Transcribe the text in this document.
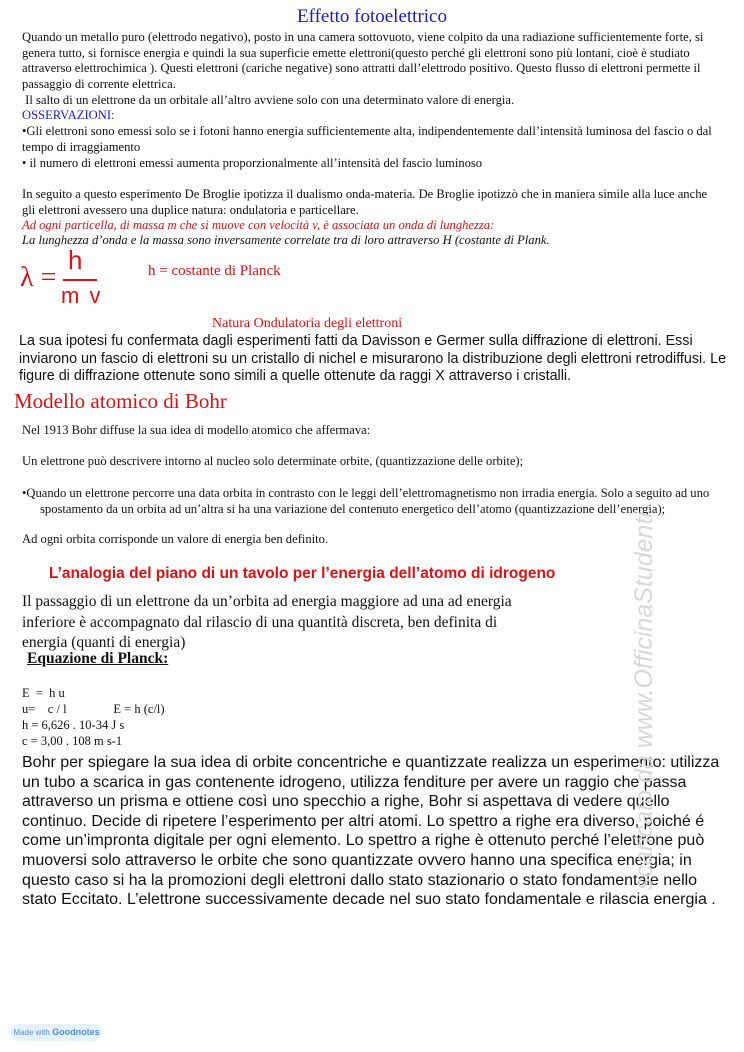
Effetto fotoelettrico
Quando un metallo puro (elettrodo negativo), posto in una camera sottovuoto, viene colpito da una radiazione sufficientemente forte, si genera tutto, si fornisce energia e quindi la sua superficie emette elettroni(questo perché gli elettroni sono più lontani, cioè è studiato attraverso elettrochimica ). Questi elettroni (cariche negative) sono attratti dall’elettrodo positivo. Questo flusso di elettroni permette il passaggio di corrente elettrica.
Il salto di un elettrone da un orbitale all’altro avviene solo con una determinato valore di energia.
OSSERVAZIONI:
•Gli elettroni sono emessi solo se i fotoni hanno energia sufficientemente alta, indipendentemente dall’intensità luminosa del fascio o dal tempo di irraggiamento
• il numero di elettroni emessi aumenta proporzionalmente all’intensità del fascio luminoso
In seguito a questo esperimento De Broglie ipotizza il dualismo onda-materia. De Broglie ipotizzò che in maniera simile alla luce anche gli elettroni avessero una duplice natura: ondulatoria e particellare.
Ad ogni particella, di massa m che si muove con velocità v, è associata un onda di lunghezza:
La lunghezza d’onda e la massa sono inversamente correlate tra di loro attraverso H (costante di Plank.
λ =
h
m v
h = costante di Planck
Natura Ondulatoria degli elettroni
La sua ipotesi fu confermata dagli esperimenti fatti da Davisson e Germer sulla diffrazione di elettroni. Essi inviarono un fascio di elettroni su un cristallo di nichel e misurarono la distribuzione degli elettroni retrodiffusi. Le figure di diffrazione ottenute sono simili a quelle ottenute da raggi X attraverso i cristalli.
Modello atomico di Bohr
Nel 1913 Bohr diffuse la sua idea di modello atomico che affermava:
Un elettrone può descrivere intorno al nucleo solo determinate orbite, (quantizzazione delle orbite);
•Quando un elettrone percorre una data orbita in contrasto con le leggi dell’elettromagnetismo non irradia energia. Solo a seguito ad uno spostamento da un orbita ad un’altra si ha una variazione del contenuto energetico dell’atomo (quantizzazione dell’energia);
Ad ogni orbita corrisponde un valore di energia ben definito.
L’analogia del piano di un tavolo per l’energia dell’atomo di idrogeno
Il passaggio di un elettrone da un’orbita ad energia maggiore ad una ad energia inferiore è accompagnato dal rilascio di una quantità discreta, ben definita di energia (quanti di energia)
Equazione di Planck:

E  =  h u
u=    c / l               E = h (c/l)
h = 6,626 . 10-34 J s
c = 3,00 . 108 m s-1

Bohr per spiegare la sua idea di orbite concentriche e quantizzate realizza un esperimento: utilizza un tubo a scarica in gas contenente idrogeno, utilizza fenditure per avere un raggio che passa attraverso un prisma e ottiene così uno specchio a righe, Bohr si aspettava di vedere quello continuo. Decide di ripetere l’esperimento per altri atomi. Lo spettro a righe era diverso, poiché é come un’impronta digitale per ogni elemento. Lo spettro a righe è ottenuto perché l’elettrone può muoversi solo attraverso le orbite che sono quantizzate ovvero hanno una specifica energia; in questo caso si ha la promozioni degli elettroni dallo stato stazionario o stato fondamentale nello stato Eccitato. L’elettrone successivamente decade nel suo stato fondamentale e rilascia energia .
scaricato da www.OfficinaStudenti
Made with Goodnotes
